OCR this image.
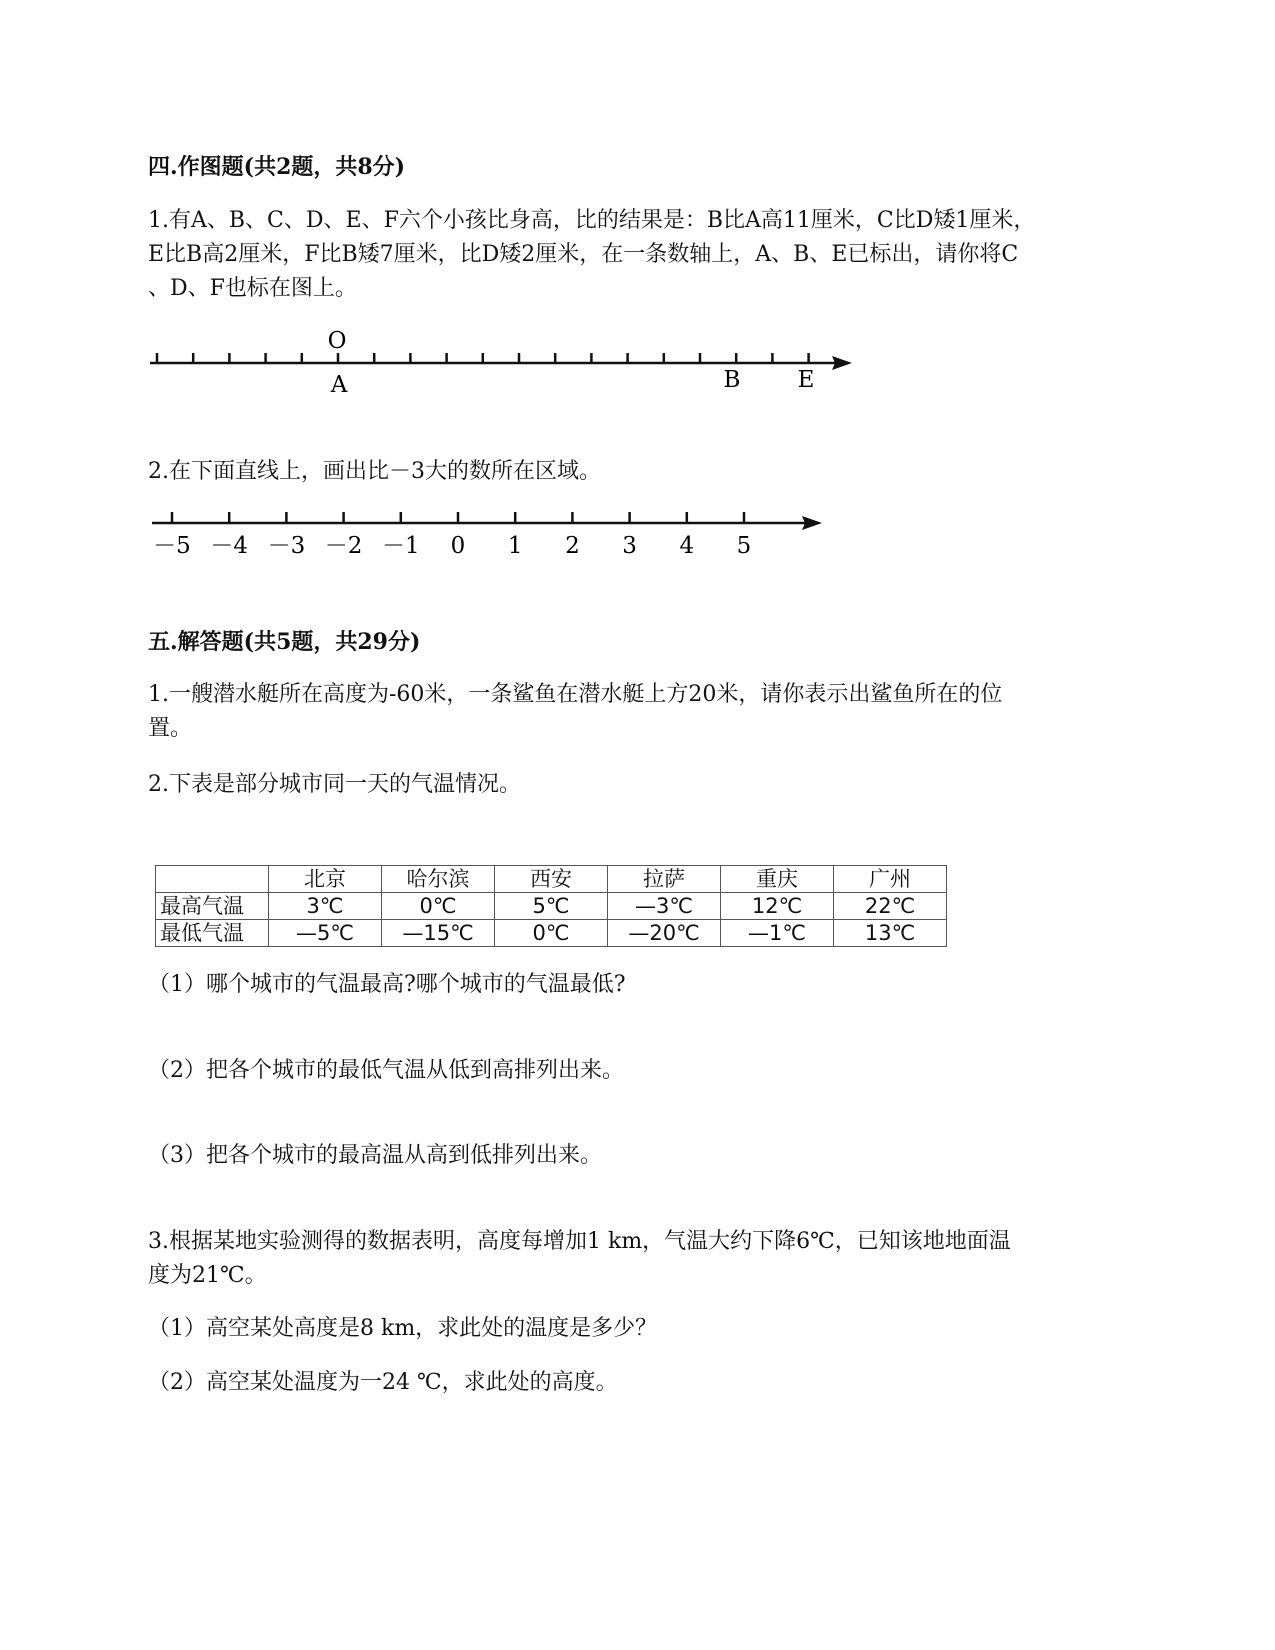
四.作图题(共2题，共8分)
1.有A、B、C、D、E、F六个小孩比身高，比的结果是：B比A高11厘米，C比D矮1厘米，
E比B高2厘米，F比B矮7厘米，比D矮2厘米，在一条数轴上，A、B、E已标出，请你将C
、D、F也标在图上。
O
A	B E
2.在下面直线上，画出比－3大的数所在区域。
－5 －4 －3 －2 －1 0 1 2 3 4 5
五.解答题(共5题，共29分)
1.一艘潜水艇所在高度为-60米，一条鲨鱼在潜水艇上方20米，请你表示出鲨鱼所在的位
置。
2.下表是部分城市同一天的气温情况。
	北京	哈尔滨	西安	拉萨	重庆	广州
最高气温	3℃	0℃	5℃	—3℃	12℃	22℃
最低气温	—5℃	—15℃	0℃	—20℃	—1℃	13℃
（1）哪个城市的气温最高?哪个城市的气温最低?
（2）把各个城市的最低气温从低到高排列出来。
（3）把各个城市的最高温从高到低排列出来。
3.根据某地实验测得的数据表明，高度每增加1 km，气温大约下降6℃，已知该地地面温
度为21℃。
（1）高空某处高度是8 km，求此处的温度是多少？
（2）高空某处温度为一24 ℃，求此处的高度。
